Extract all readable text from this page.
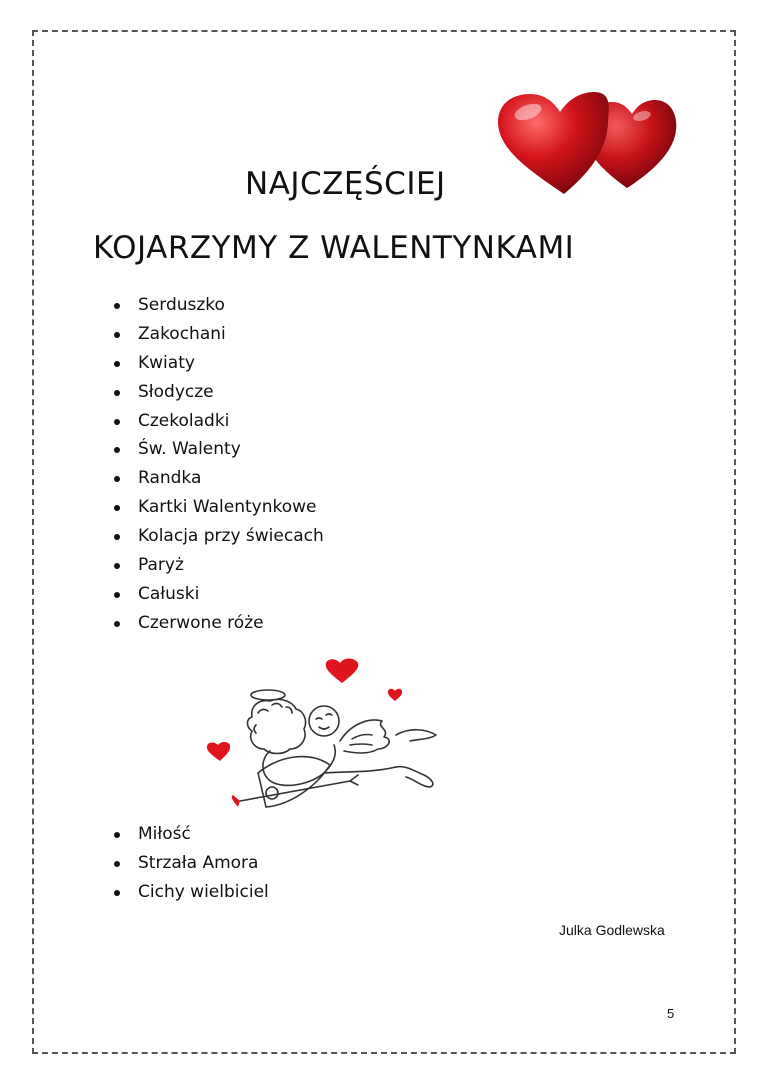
NAJCZĘŚCIEJ
KOJARZYMY Z WALENTYNKAMI
Serduszko
Zakochani
Kwiaty
Słodycze
Czekoladki
Św. Walenty
Randka
Kartki Walentynkowe
Kolacja przy świecach
Paryż
Całuski
Czerwone róże
Miłość
Strzała Amora
Cichy wielbiciel
Julka Godlewska
5
